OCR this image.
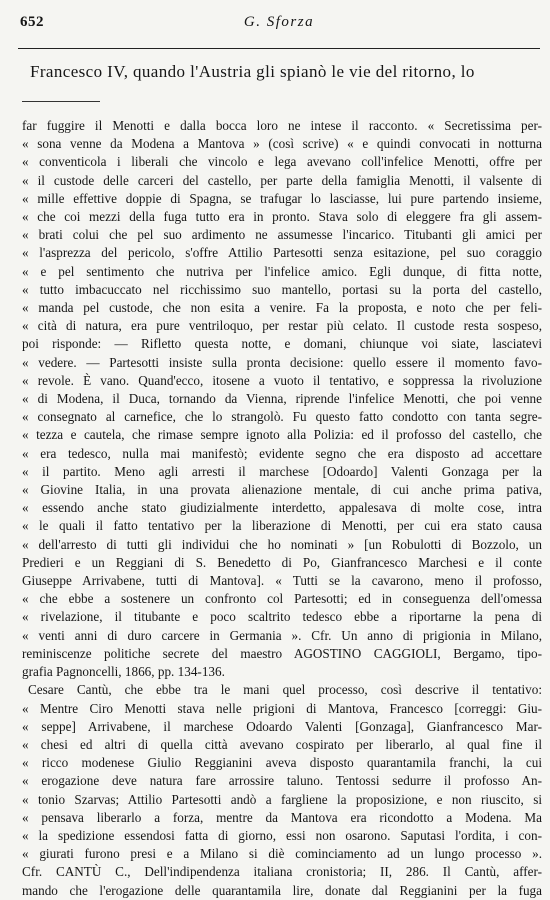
652	G. Sforza
Francesco IV, quando l'Austria gli spianò le vie del ritorno, lo
far fuggire il Menotti e dalla bocca loro ne intese il racconto. « Secretissima per-
« sona venne da Modena a Mantova » (così scrive) « e quindi convocati in notturna
« conventicola i liberali che vincolo e lega avevano coll'infelice Menotti, offre per
« il custode delle carceri del castello, per parte della famiglia Menotti, il valsente di
« mille effettive doppie di Spagna, se trafugar lo lasciasse, lui pure partendo insieme,
« che coi mezzi della fuga tutto era in pronto. Stava solo di eleggere fra gli assem-
« brati colui che pel suo ardimento ne assumesse l'incarico. Titubanti gli amici per
« l'asprezza del pericolo, s'offre Attilio Partesotti senza esitazione, pel suo coraggio
« e pel sentimento che nutriva per l'infelice amico. Egli dunque, di fitta notte,
« tutto imbacuccato nel ricchissimo suo mantello, portasi su la porta del castello,
« manda pel custode, che non esita a venire. Fa la proposta, e noto che per feli-
« cità di natura, era pure ventriloquo, per restar più celato. Il custode resta sospeso,
poi risponde: — Rifletto questa notte, e domani, chiunque voi siate, lasciatevi
« vedere. — Partesotti insiste sulla pronta decisione: quello essere il momento favo-
« revole. È vano. Quand'ecco, itosene a vuoto il tentativo, e soppressa la rivoluzione
« di Modena, il Duca, tornando da Vienna, riprende l'infelice Menotti, che poi venne
« consegnato al carnefice, che lo strangolò. Fu questo fatto condotto con tanta segre-
« tezza e cautela, che rimase sempre ignoto alla Polizia: ed il profosso del castello, che
« era tedesco, nulla mai manifestò; evidente segno che era disposto ad accettare
« il partito. Meno agli arresti il marchese [Odoardo] Valenti Gonzaga per la
« Giovine Italia, in una provata alienazione mentale, di cui anche prima pativa,
« essendo anche stato giudizialmente interdetto, appalesava di molte cose, intra
« le quali il fatto tentativo per la liberazione di Menotti, per cui era stato causa
« dell'arresto di tutti gli individui che ho nominati » [un Robulotti di Bozzolo, un
Predieri e un Reggiani di S. Benedetto di Po, Gianfrancesco Marchesi e il conte
Giuseppe Arrivabene, tutti di Mantova]. « Tutti se la cavarono, meno il profosso,
« che ebbe a sostenere un confronto col Partesotti; ed in conseguenza dell'omessa
« rivelazione, il titubante e poco scaltrito tedesco ebbe a riportarne la pena di
« venti anni di duro carcere in Germania ». Cfr. Un anno di prigionia in Milano,
reminiscenze politiche secrete del maestro AGOSTINO CAGGIOLI, Bergamo, tipo-
grafia Pagnoncelli, 1866, pp. 134-136.
Cesare Cantù, che ebbe tra le mani quel processo, così descrive il tentativo:
« Mentre Ciro Menotti stava nelle prigioni di Mantova, Francesco [correggi: Giu-
« seppe] Arrivabene, il marchese Odoardo Valenti [Gonzaga], Gianfrancesco Mar-
« chesi ed altri di quella città avevano cospirato per liberarlo, al qual fine il
« ricco modenese Giulio Reggianini aveva disposto quarantamila franchi, la cui
« erogazione deve natura fare arrossire taluno. Tentossi sedurre il profosso An-
« tonio Szarvas; Attilio Partesotti andò a fargliene la proposizione, e non riuscito, si
« pensava liberarlo a forza, mentre da Mantova era ricondotto a Modena. Ma
« la spedizione essendosi fatta di giorno, essi non osarono. Saputasi l'ordita, i con-
« giurati furono presi e a Milano si diè cominciamento ad un lungo processo ».
Cfr. CANTÙ C., Dell'indipendenza italiana cronistoria; II, 286. Il Cantù, affer-
mando che l'erogazione delle quarantamila lire, donate dal Reggianini per la fuga
